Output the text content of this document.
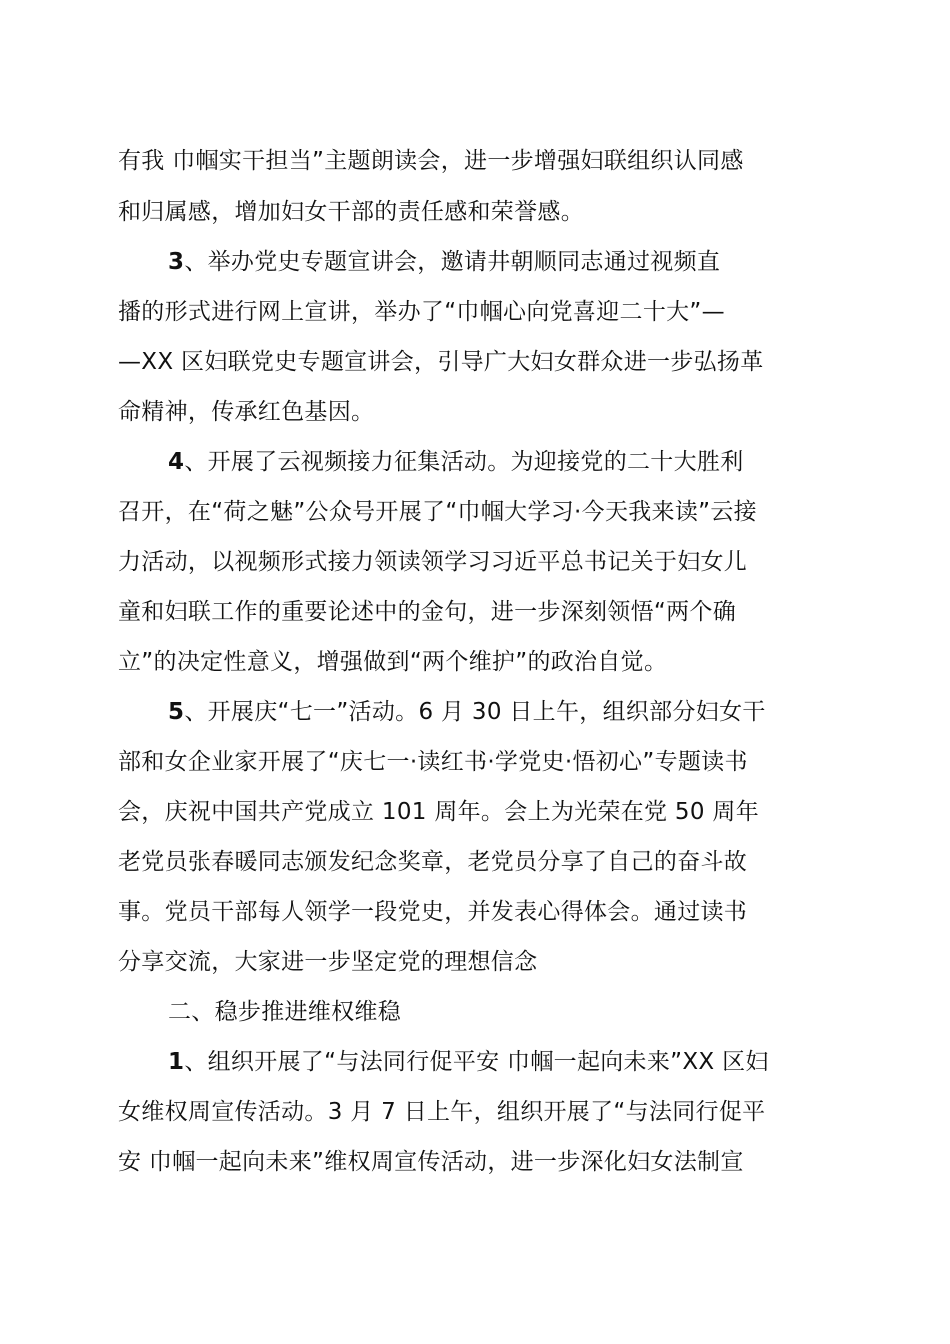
有我 巾帼实干担当”主题朗读会，进一步增强妇联组织认同感
和归属感，增加妇女干部的责任感和荣誉感。
3、举办党史专题宣讲会，邀请井朝顺同志通过视频直
播的形式进行网上宣讲，举办了“巾帼心向党喜迎二十大”—
—XX 区妇联党史专题宣讲会，引导广大妇女群众进一步弘扬革
命精神，传承红色基因。
4、开展了云视频接力征集活动。为迎接党的二十大胜利
召开，在“荷之魅”公众号开展了“巾帼大学习·今天我来读”云接
力活动，以视频形式接力领读领学习习近平总书记关于妇女儿
童和妇联工作的重要论述中的金句，进一步深刻领悟“两个确
立”的决定性意义，增强做到“两个维护”的政治自觉。
5、开展庆“七一”活动。6 月 30 日上午，组织部分妇女干
部和女企业家开展了“庆七一·读红书·学党史·悟初心”专题读书
会，庆祝中国共产党成立 101 周年。会上为光荣在党 50 周年
老党员张春暖同志颁发纪念奖章，老党员分享了自己的奋斗故
事。党员干部每人领学一段党史，并发表心得体会。通过读书
分享交流，大家进一步坚定党的理想信念
二、稳步推进维权维稳
1、组织开展了“与法同行促平安 巾帼一起向未来”XX 区妇
女维权周宣传活动。3 月 7 日上午，组织开展了“与法同行促平
安 巾帼一起向未来”维权周宣传活动，进一步深化妇女法制宣
